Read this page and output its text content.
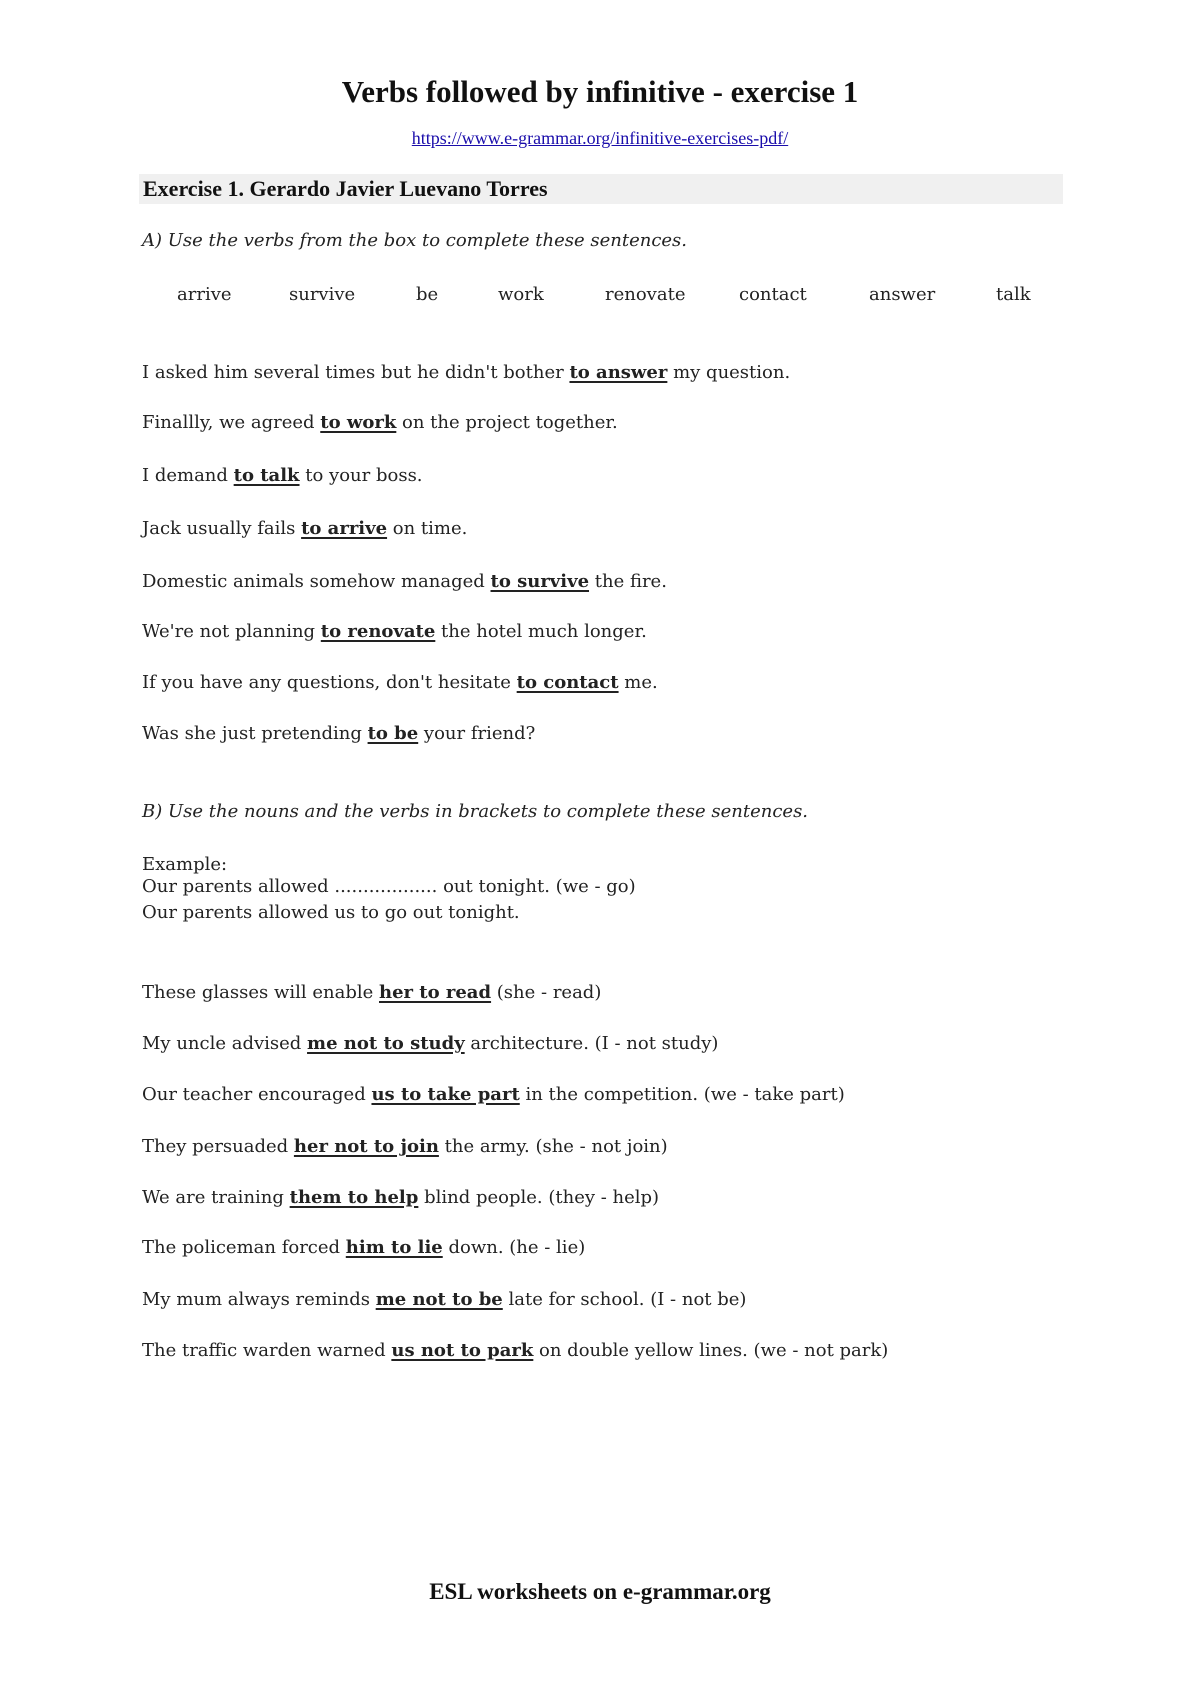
Verbs followed by infinitive - exercise 1
https://www.e-grammar.org/infinitive-exercises-pdf/
Exercise 1. Gerardo Javier Luevano Torres
A) Use the verbs from the box to complete these sentences.
arrive	survive	be	work	renovate	contact	answer	talk
I asked him several times but he didn't bother to answer my question.
Finallly, we agreed to work on the project together.
I demand to talk to your boss.
Jack usually fails to arrive on time.
Domestic animals somehow managed to survive the fire.
We're not planning to renovate the hotel much longer.
If you have any questions, don't hesitate to contact me.
Was she just pretending to be your friend?
B) Use the nouns and the verbs in brackets to complete these sentences.
Example:
Our parents allowed .................. out tonight. (we - go)
Our parents allowed us to go out tonight.
These glasses will enable her to read (she - read)
My uncle advised me not to study architecture. (I - not study)
Our teacher encouraged us to take part in the competition. (we - take part)
They persuaded her not to join the army. (she - not join)
We are training them to help blind people. (they - help)
The policeman forced him to lie down. (he - lie)
My mum always reminds me not to be late for school. (I - not be)
The traffic warden warned us not to park on double yellow lines. (we - not park)
ESL worksheets on e-grammar.org
